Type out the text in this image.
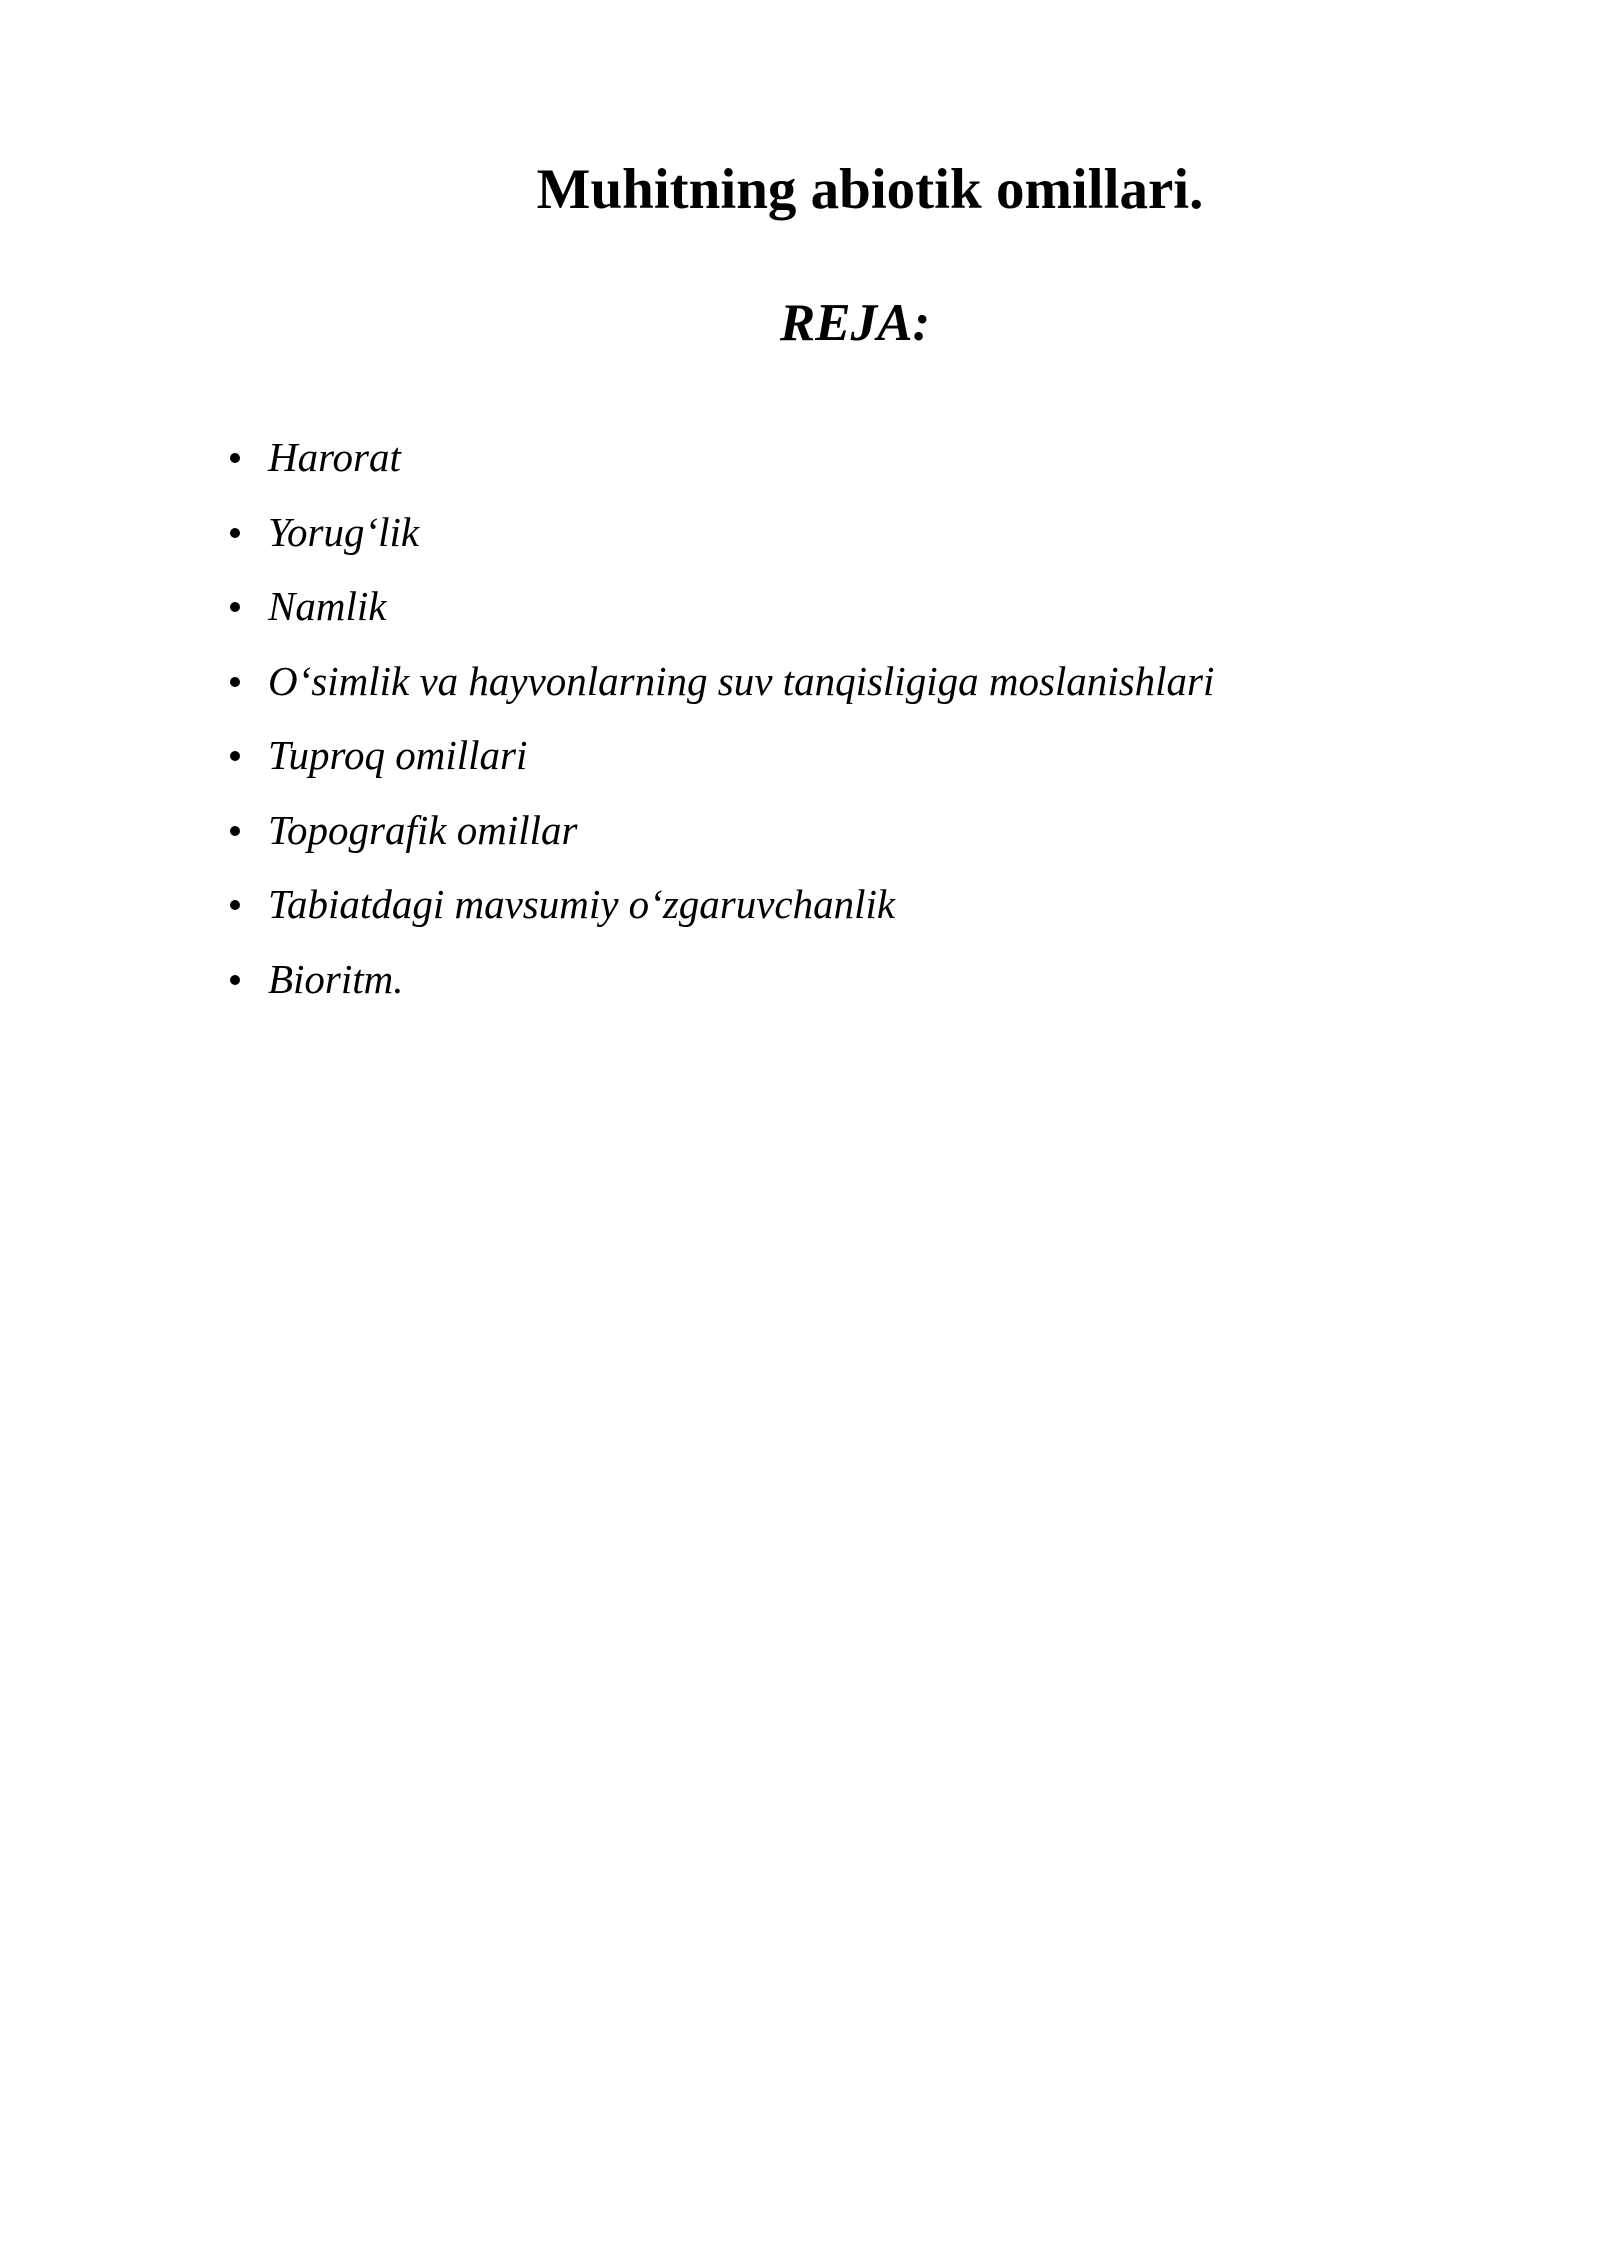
Muhitning abiotik omillari.
REJA:
Harorat
Yorug‘lik
Namlik
O‘simlik va hayvonlarning suv tanqisligiga moslanishlari
Tuproq omillari
Topografik omillar
Tabiatdagi mavsumiy o‘zgaruvchanlik
Bioritm.
